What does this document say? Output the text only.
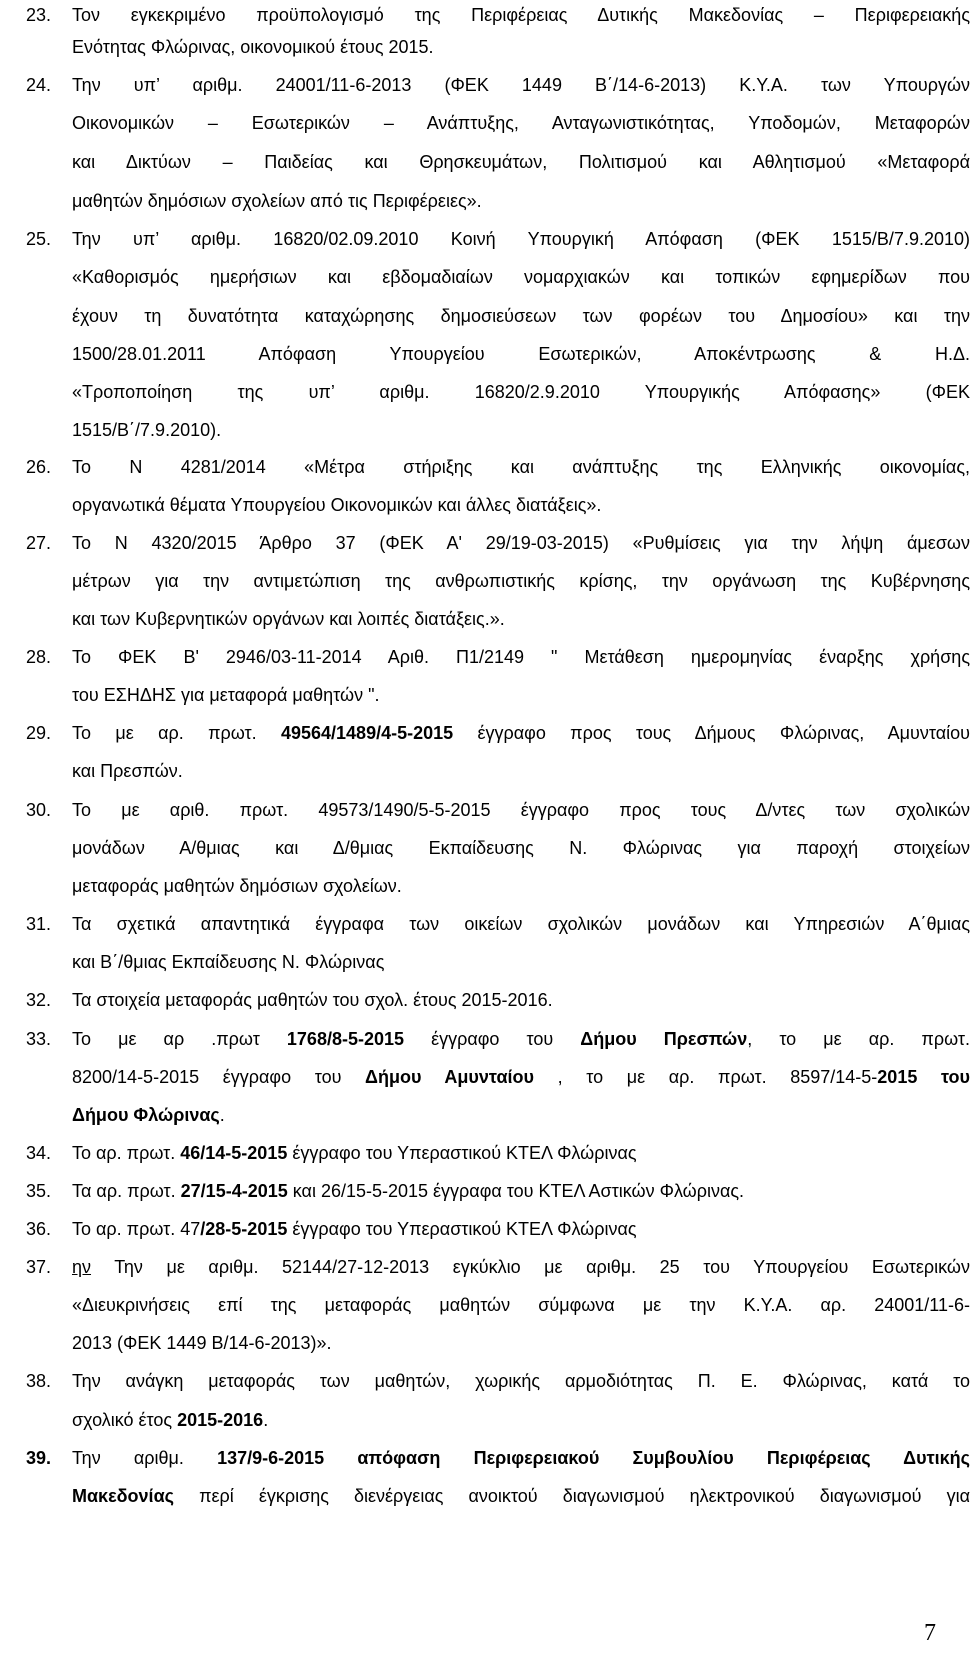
23. Τον εγκεκριμένο προϋπολογισμό της Περιφέρειας Δυτικής Μακεδονίας – Περιφερειακής
Ενότητας Φλώρινας, οικονομικού έτους 2015.
24. Την υπ’ αριθμ. 24001/11-6-2013 (ΦΕΚ 1449 Β΄/14-6-2013) Κ.Υ.Α. των Υπουργών
Οικονομικών – Εσωτερικών – Ανάπτυξης, Ανταγωνιστικότητας, Υποδομών, Μεταφορών
και Δικτύων – Παιδείας και Θρησκευμάτων, Πολιτισμού και Αθλητισμού «Μεταφορά
μαθητών δημόσιων σχολείων από τις Περιφέρειες».
25. Την υπ’ αριθμ. 16820/02.09.2010 Κοινή Υπουργική Απόφαση (ΦΕΚ 1515/Β/7.9.2010)
«Καθορισμός ημερήσιων και εβδομαδιαίων νομαρχιακών και τοπικών εφημερίδων που
έχουν τη δυνατότητα καταχώρησης δημοσιεύσεων των φορέων του Δημοσίου» και την
1500/28.01.2011 Απόφαση Υπουργείου Εσωτερικών, Αποκέντρωσης & Η.Δ.
«Τροποποίηση της υπ’ αριθμ. 16820/2.9.2010 Υπουργικής Απόφασης» (ΦΕΚ
1515/Β΄/7.9.2010).
26. Το Ν 4281/2014 «Μέτρα στήριξης και ανάπτυξης της Ελληνικής οικονομίας,
οργανωτικά θέματα Υπουργείου Οικονομικών και άλλες διατάξεις».
27. Το Ν 4320/2015 Άρθρο 37 (ΦΕΚ Α' 29/19-03-2015) «Ρυθμίσεις για την λήψη άμεσων
μέτρων για την αντιμετώπιση της ανθρωπιστικής κρίσης, την οργάνωση της Κυβέρνησης
και των Κυβερνητικών οργάνων και λοιπές διατάξεις.».
28. Το ΦΕΚ Β' 2946/03-11-2014 Αριθ. Π1/2149 " Μετάθεση ημερομηνίας έναρξης χρήσης
του ΕΣΗΔΗΣ για μεταφορά μαθητών ".
29. Το με αρ. πρωτ. 49564/1489/4-5-2015 έγγραφο προς τους Δήμους Φλώρινας, Αμυνταίου
και Πρεσπών.
30. Το με αριθ. πρωτ. 49573/1490/5-5-2015 έγγραφο προς τους Δ/ντες των σχολικών
μονάδων Α/θμιας και Δ/θμιας Εκπαίδευσης Ν. Φλώρινας για παροχή στοιχείων
μεταφοράς μαθητών δημόσιων σχολείων.
31. Τα σχετικά απαντητικά έγγραφα των οικείων σχολικών μονάδων και Υπηρεσιών Α΄θμιας
και Β΄/θμιας Εκπαίδευσης Ν. Φλώρινας
32. Τα στοιχεία μεταφοράς μαθητών του σχολ. έτους 2015-2016.
33. Το με αρ .πρωτ 1768/8-5-2015 έγγραφο του Δήμου Πρεσπών, το με αρ. πρωτ.
8200/14-5-2015 έγγραφο του Δήμου Αμυνταίου , το με αρ. πρωτ. 8597/14-5-2015 του
Δήμου Φλώρινας.
34. Το αρ. πρωτ. 46/14-5-2015 έγγραφο του Υπεραστικού ΚΤΕΛ Φλώρινας
35. Τα αρ. πρωτ. 27/15-4-2015 και 26/15-5-2015 έγγραφα του ΚΤΕΛ Αστικών Φλώρινας.
36. Το αρ. πρωτ. 47/28-5-2015 έγγραφο του Υπεραστικού ΚΤΕΛ Φλώρινας
37. ην Την με αριθμ. 52144/27-12-2013 εγκύκλιο με αριθμ. 25 του Υπουργείου Εσωτερικών
«Διευκρινήσεις επί της μεταφοράς μαθητών σύμφωνα με την Κ.Υ.Α. αρ. 24001/11-6-
2013 (ΦΕΚ 1449 Β/14-6-2013)».
38. Την ανάγκη μεταφοράς των μαθητών, χωρικής αρμοδιότητας Π. Ε. Φλώρινας, κατά το
σχολικό έτος 2015-2016.
39. Την αριθμ. 137/9-6-2015 απόφαση Περιφερειακού Συμβουλίου Περιφέρειας Δυτικής
Μακεδονίας περί έγκρισης διενέργειας ανοικτού διαγωνισμού ηλεκτρονικού διαγωνισμού για
7
